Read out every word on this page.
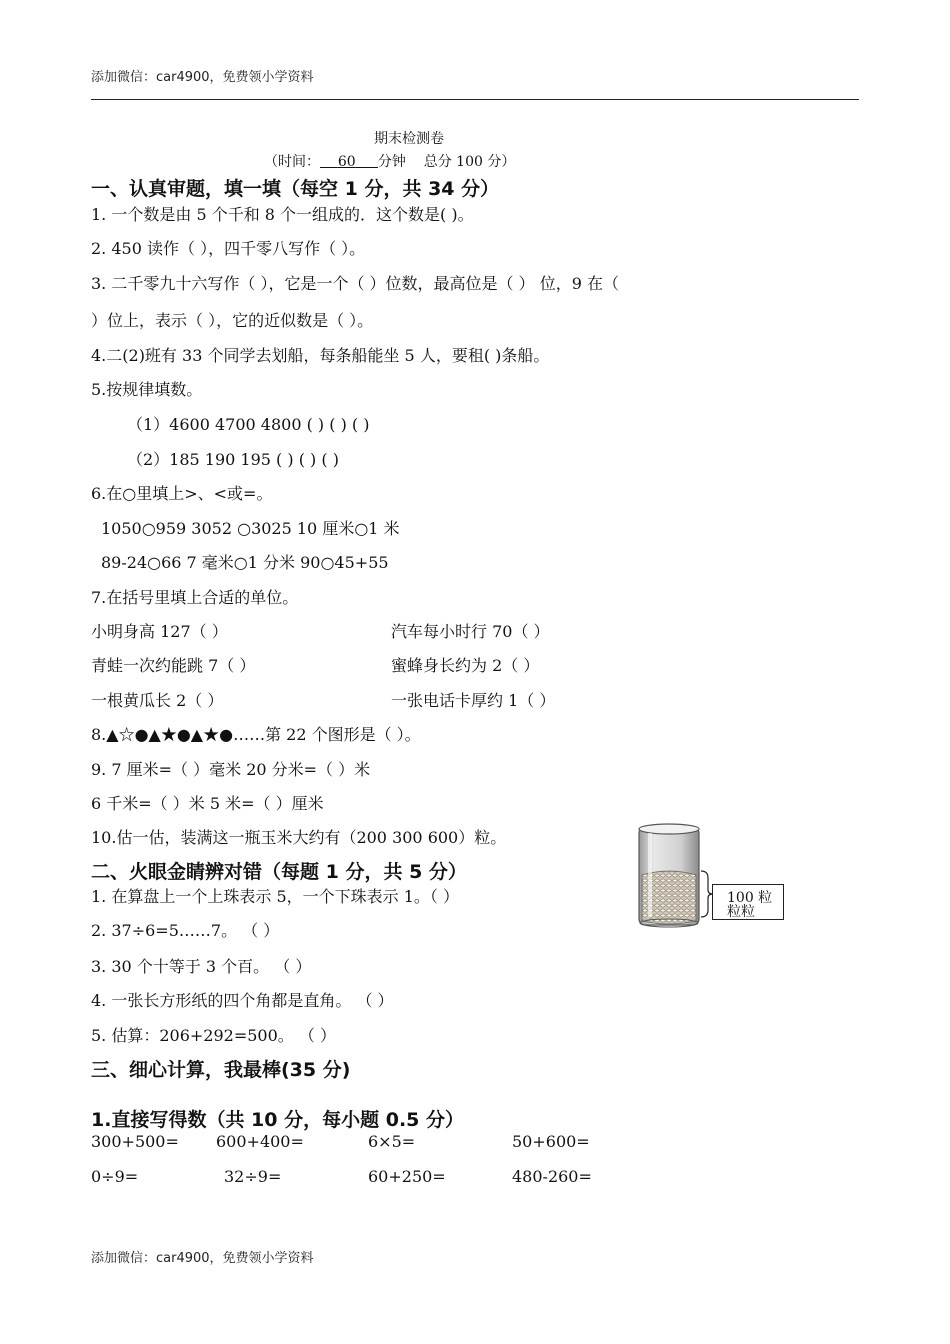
添加微信：car4900，免费领小学资料
期末检测卷
（时间： 60 分钟 总分 100 分）
一、认真审题，填一填（每空 1 分，共 34 分）
1. 一个数是由 5 个千和 8 个一组成的．这个数是( )。
2. 450 读作（ ），四千零八写作（ ）。
3. 二千零九十六写作（ ），它是一个（ ）位数，最高位是（ ） 位，9 在（
）位上，表示（ ），它的近似数是（ ）。
4.二(2)班有 33 个同学去划船，每条船能坐 5 人，要租( )条船。
5.按规律填数。
（1）4600 4700 4800 ( ) ( ) ( )
（2）185 190 195 ( ) ( ) ( )
6.在○里填上>、<或=。
1050○959 3052 ○3025 10 厘米○1 米
89-24○66 7 毫米○1 分米 90○45+55
7.在括号里填上合适的单位。
小明身高 127（ ）	汽车每小时行 70（ ）
青蛙一次约能跳 7（ ）	蜜蜂身长约为 2（ ）
一根黄瓜长 2（ ）	一张电话卡厚约 1（ ）
8.▲☆●▲★●▲★●……第 22 个图形是（ ）。
9. 7 厘米=（ ）毫米 20 分米=（ ）米
6 千米=（ ）米 5 米=（ ）厘米
10.估一估，装满这一瓶玉米大约有（200 300 600）粒。
100 粒粒粒
二、火眼金睛辨对错（每题 1 分，共 5 分）
1. 在算盘上一个上珠表示 5，一个下珠表示 1。（ ）
2. 37÷6=5……7。 （ ）
3. 30 个十等于 3 个百。 （ ）
4. 一张长方形纸的四个角都是直角。 （ ）
5. 估算：206+292=500。 （ ）
三、细心计算，我最棒(35 分)
1.直接写得数（共 10 分，每小题 0.5 分）
300+500= 600+400=	6×5=	50+600=
0÷9=	32÷9=	60+250=	480-260=
添加微信：car4900，免费领小学资料
